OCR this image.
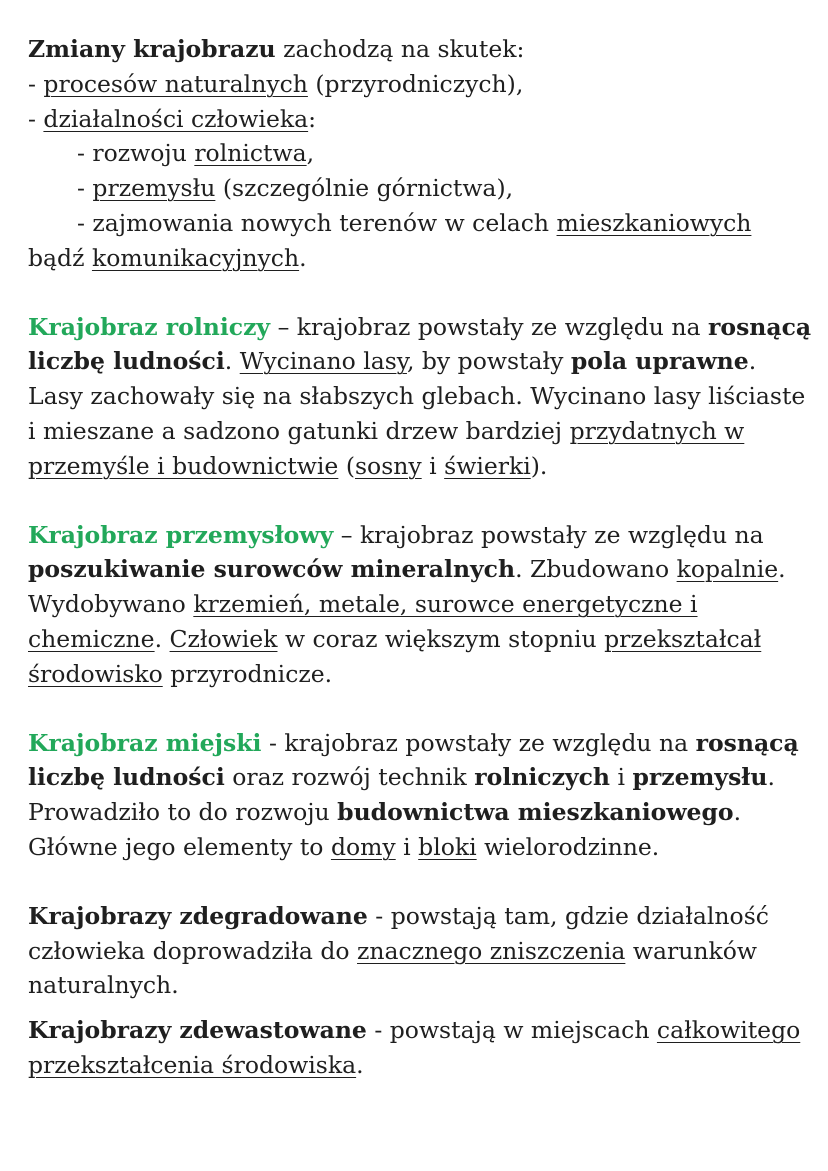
Zmiany krajobrazu zachodzą na skutek:

- procesów naturalnych (przyrodniczych),

- działalności człowieka:

- rozwoju rolnictwa,

- przemysłu (szczególnie górnictwa),

- zajmowania nowych terenów w celach mieszkaniowych

bądź komunikacyjnych.

Krajobraz rolniczy – krajobraz powstały ze względu na rosnącą liczbę ludności. Wycinano lasy, by powstały pola uprawne. Lasy zachowały się na słabszych glebach. Wycinano lasy liściaste i mieszane a sadzono gatunki drzew bardziej przydatnych w przemyśle i budownictwie (sosny i świerki).

Krajobraz przemysłowy – krajobraz powstały ze względu na poszukiwanie surowców mineralnych. Zbudowano kopalnie. Wydobywano krzemień, metale, surowce energetyczne i chemiczne. Człowiek w coraz większym stopniu przekształcał środowisko przyrodnicze.

Krajobraz miejski - krajobraz powstały ze względu na rosnącą liczbę ludności oraz rozwój technik rolniczych i przemysłu. Prowadziło to do rozwoju budownictwa mieszkaniowego. Główne jego elementy to domy i bloki wielorodzinne.

Krajobrazy zdegradowane - powstają tam, gdzie działalność człowieka doprowadziła do znacznego zniszczenia warunków naturalnych.

Krajobrazy zdewastowane - powstają w miejscach całkowitego przekształcenia środowiska.
